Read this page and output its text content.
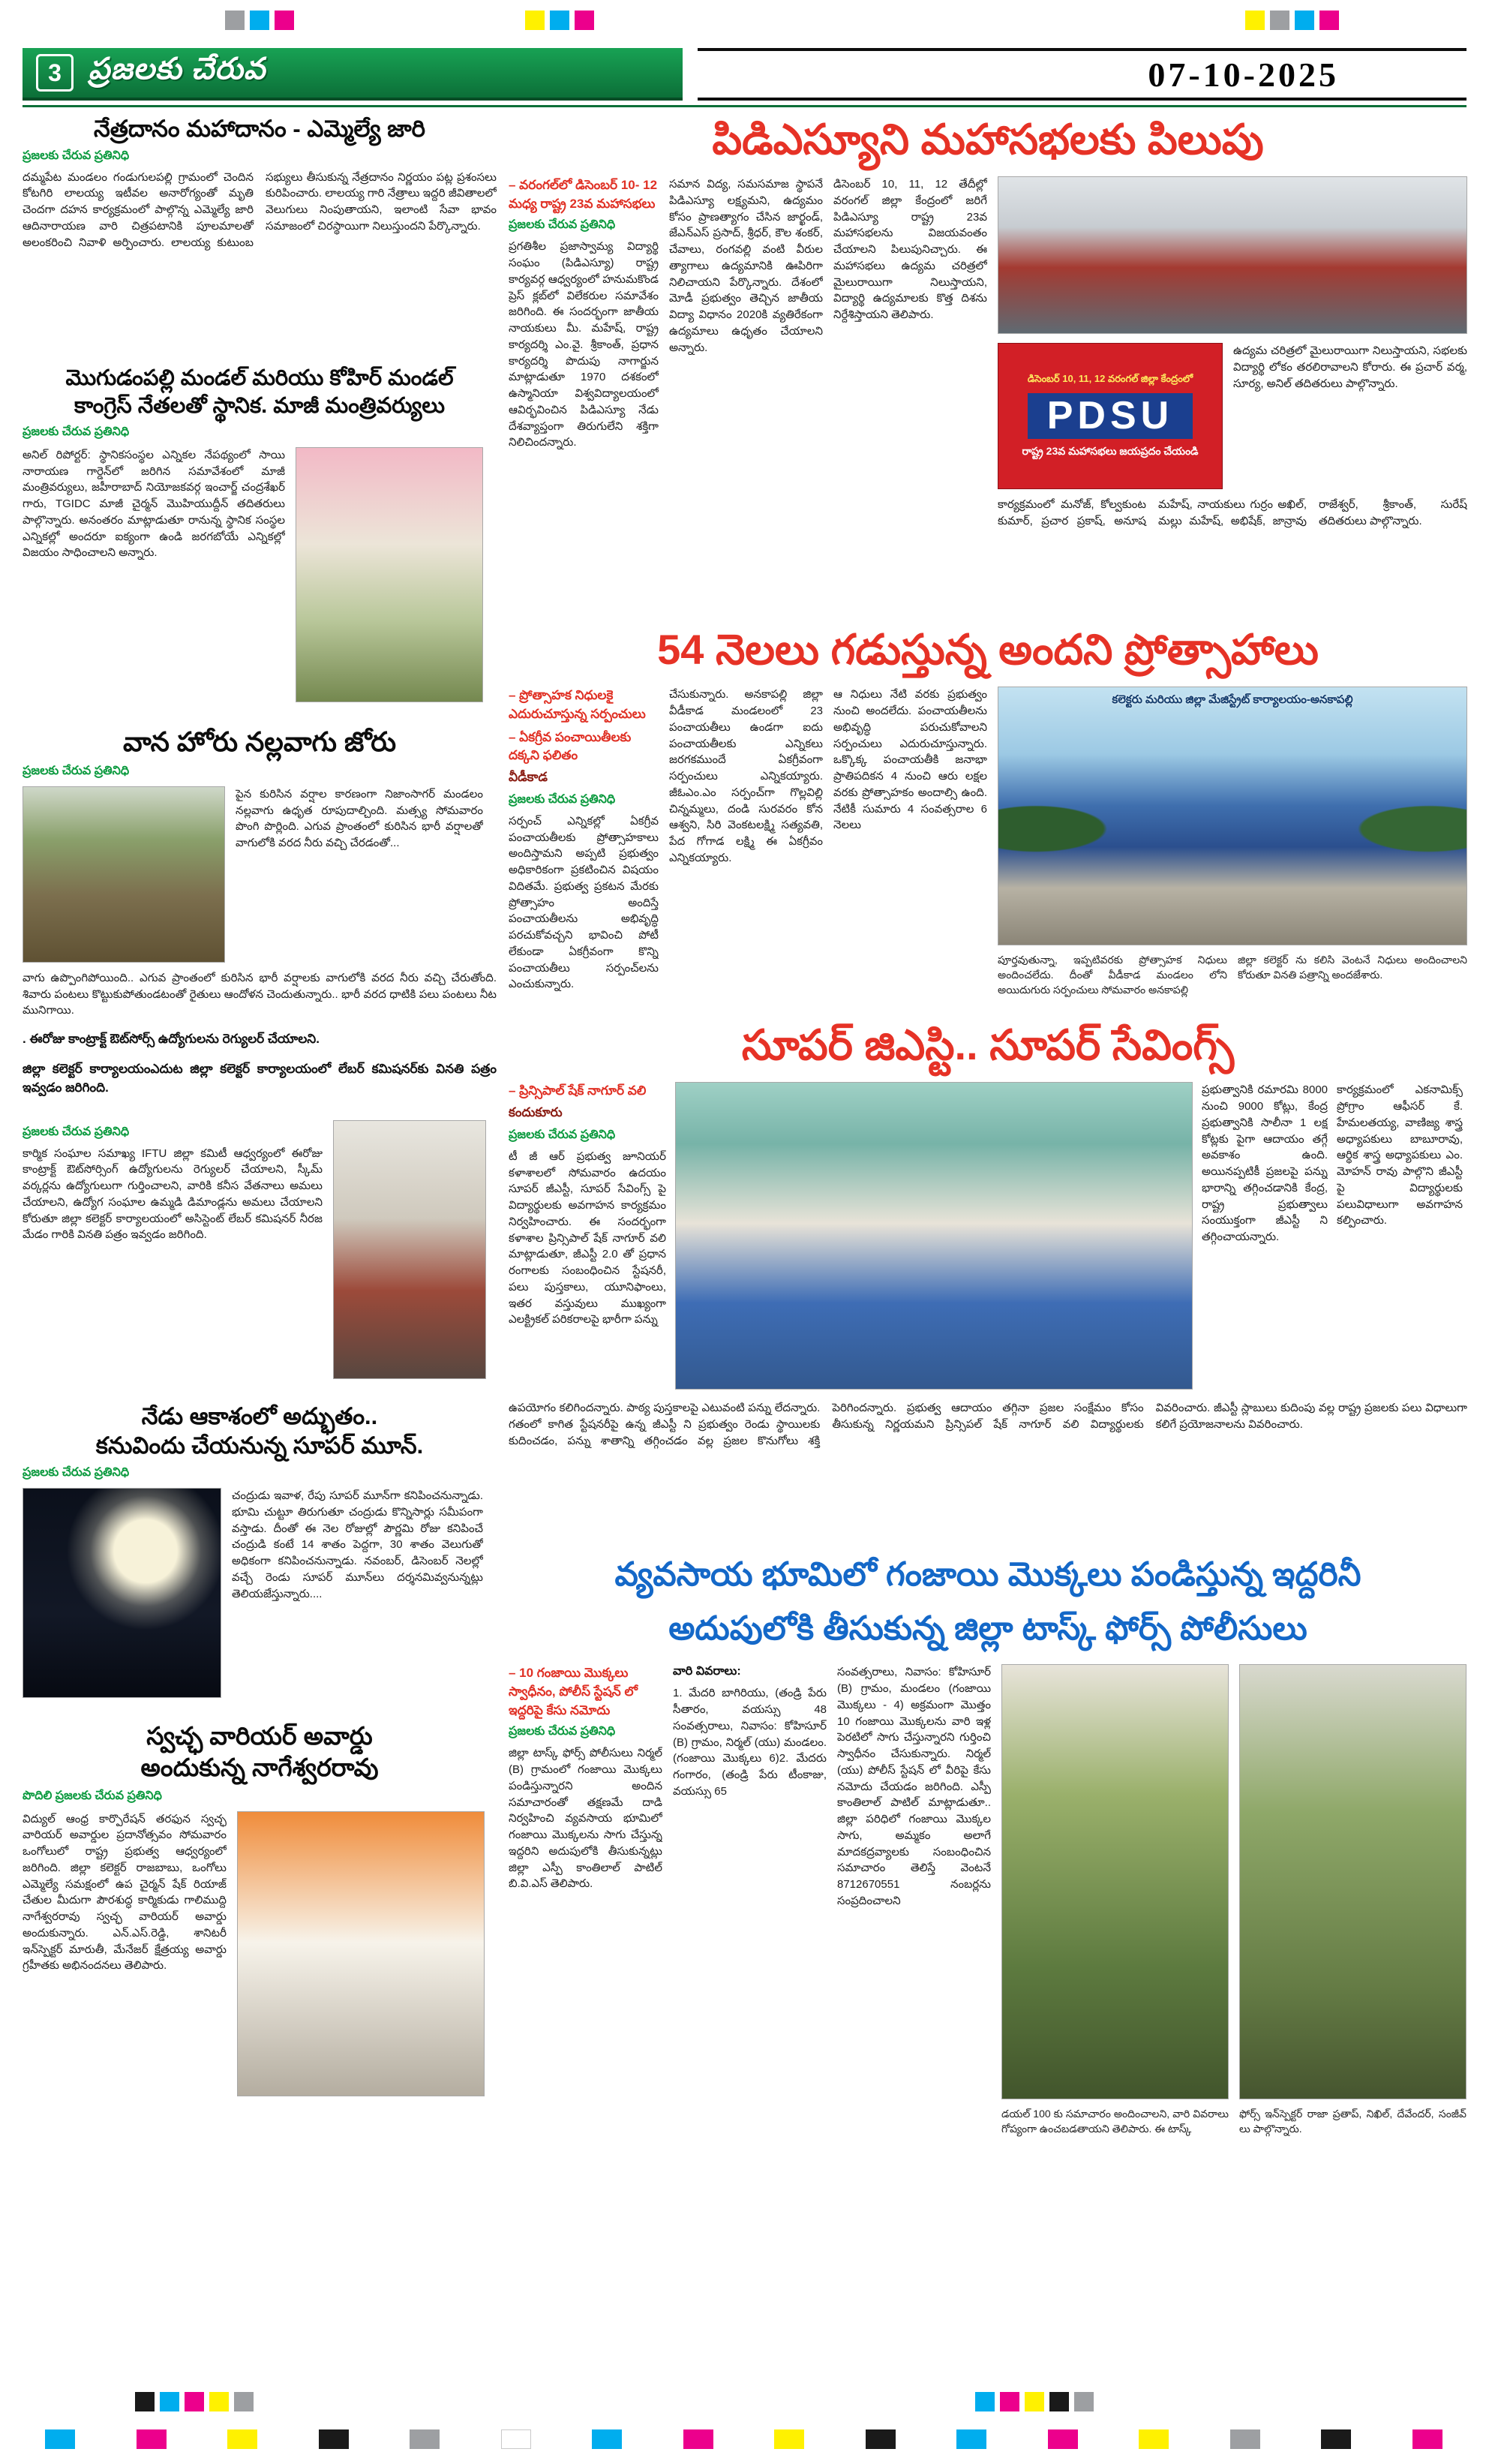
3 ప్రజలకు చేరువ	07-10-2025
నేత్రదానం మహాదానం - ఎమ్మెల్యే జారి
ప్రజలకు చేరువ ప్రతినిధి
దమ్మపేట మండలం గండుగులపల్లి గ్రామంలో చెందిన కోటగిరి లాలయ్య ఇటీవల అనారోగ్యంతో మృతి చెందగా దహన కార్యక్రమంలో పాల్గొన్న ఎమ్మెల్యే జారి ఆదినారాయణ వారి చిత్రపటానికి పూలమాలతో అలంకరించి నివాళి అర్పించారు. లాలయ్య కుటుంబ సభ్యులు తీసుకున్న నేత్రదానం నిర్ణయం పట్ల ప్రశంసలు కురిపించారు. లాలయ్య గారి నేత్రాలు ఇద్దరి జీవితాలలో వెలుగులు నింపుతాయని, ఇలాంటి సేవా భావం సమాజంలో చిరస్థాయిగా నిలుస్తుందని పేర్కొన్నారు.
మొగుడంపల్లి మండల్ మరియు కోహిర్ మండల్
కాంగ్రెస్ నేతలతో స్థానిక. మాజీ మంత్రివర్యులు
ప్రజలకు చేరువ ప్రతినిధి
అనిల్ రిపోర్టర్: స్థానికసంస్థల ఎన్నికల నేపథ్యంలో సాయి నారాయణ గార్డెన్‌లో జరిగిన సమావేశంలో మాజీ మంత్రివర్యులు, జహీరాబాద్ నియోజకవర్గ ఇంచార్జ్ చంద్రశేఖర్ గారు, TGIDC మాజీ చైర్మన్ మొహియుద్దీన్ తదితరులు పాల్గొన్నారు. అనంతరం మాట్లాడుతూ రానున్న స్థానిక సంస్థల ఎన్నికల్లో అందరూ ఐక్యంగా ఉండి జరగబోయే ఎన్నికల్లో విజయం సాధించాలని అన్నారు.
వాన హోరు నల్లవాగు జోరు
ప్రజలకు చేరువ ప్రతినిధి
పైన కురిసిన వర్షాల కారణంగా నిజాంసాగర్ మండలం నల్లవాగు ఉధృత రూపుదాల్చింది. మత్స్య సోమవారం పొంగి పొర్లింది. ఎగువ ప్రాంతంలో కురిసిన భారీ వర్షాలతో వాగులోకి వరద నీరు వచ్చి చేరడంతో...
వాగు ఉప్పొంగిపోయింది.. ఎగువ ప్రాంతంలో కురిసిన భారీ వర్షాలకు వాగులోకి వరద నీరు వచ్చి చేరుతోంది. శివారు పంటలు కొట్టుకుపోతుండటంతో రైతులు ఆందోళన చెందుతున్నారు.. భారీ వరద ధాటికి పలు పంటలు నీట మునిగాయి.

. ఈరోజు కాంట్రాక్ట్ ఔట్‌సోర్స్ ఉద్యోగులను రెగ్యులర్ చేయాలని.

జిల్లా కలెక్టర్ కార్యాలయంఎదుట జిల్లా కలెక్టర్ కార్యాలయంలో లేబర్ కమిషనర్‌కు వినతి పత్రం ఇవ్వడం జరిగింది.

ప్రజలకు చేరువ ప్రతినిధి
కార్మిక సంఘాల సమాఖ్య IFTU జిల్లా కమిటీ ఆధ్వర్యంలో ఈరోజు కాంట్రాక్ట్ ఔట్‌సోర్సింగ్ ఉద్యోగులను రెగ్యులర్ చేయాలని, స్కీమ్ వర్కర్లను ఉద్యోగులుగా గుర్తించాలని, వారికి కనీస వేతనాలు అమలు చేయాలని, ఉద్యోగ సంఘాల ఉమ్మడి డిమాండ్లను అమలు చేయాలని కోరుతూ జిల్లా కలెక్టర్ కార్యాలయంలో అసిస్టెంట్ లేబర్ కమిషనర్ నీరజ మేడం గారికి వినతి పత్రం ఇవ్వడం జరిగింది.
నేడు ఆకాశంలో అద్భుతం..
కనువిందు చేయనున్న సూపర్ మూన్.
ప్రజలకు చేరువ ప్రతినిధి
చంద్రుడు ఇవాళ, రేపు సూపర్ మూన్‌గా కనిపించనున్నాడు. భూమి చుట్టూ తిరుగుతూ చంద్రుడు కొన్నిసార్లు సమీపంగా వస్తాడు. దీంతో ఈ నెల రోజుల్లో పౌర్ణమి రోజు కనిపించే చంద్రుడి కంటే 14 శాతం పెద్దగా, 30 శాతం వెలుగుతో అధికంగా కనిపించనున్నాడు. నవంబర్, డిసెంబర్ నెలల్లో వచ్చే రెండు సూపర్ మూన్‌లు దర్శనమివ్వనున్నట్లు తెలియజేస్తున్నారు....
స్వచ్ఛ వారియర్ అవార్డు
అందుకున్న నాగేశ్వరరావు
పొదిలి ప్రజలకు చేరువ ప్రతినిధి
విద్యుల్ ఆంధ్ర కార్పొరేషన్ తరఫున స్వచ్ఛ వారియర్ అవార్డుల ప్రదానోత్సవం సోమవారం ఒంగోలులో రాష్ట్ర ప్రభుత్వ ఆధ్వర్యంలో జరిగింది. జిల్లా కలెక్టర్ రాజబాబు, ఒంగోలు ఎమ్మెల్యే సమక్షంలో ఉప చైర్మన్ షేక్ రియాజ్ చేతుల మీదుగా పౌరశుద్ధ కార్మికుడు గాలిముద్ది నాగేశ్వరరావు స్వచ్ఛ వారియర్ అవార్డు అందుకున్నారు. ఎన్.ఎస్.రెడ్డి, శానిటరీ ఇన్‌స్పెక్టర్ మారుతీ, మేనేజర్ క్షేత్రయ్య అవార్డు గ్రహీతకు అభినందనలు తెలిపారు.
పిడిఎస్యూని మహాసభలకు పిలుపు
– వరంగల్‌లో డిసెంబర్ 10- 12 మధ్య రాష్ట్ర 23వ మహాసభలు
ప్రజలకు చేరువ ప్రతినిధి
ప్రగతిశీల ప్రజాస్వామ్య విద్యార్థి సంఘం (పిడిఎస్యూ) రాష్ట్ర కార్యవర్గ ఆధ్వర్యంలో హనుమకొండ ప్రెస్ క్లబ్‌లో విలేకరుల సమావేశం జరిగింది. ఈ సందర్భంగా జాతీయ నాయకులు మీ. మహేష్, రాష్ట్ర కార్యదర్శి ఎం.వై. శ్రీకాంత్, ప్రధాన కార్యదర్శి పొదుపు నాగార్జున మాట్లాడుతూ 1970 దశకంలో ఉస్మానియా విశ్వవిద్యాలయంలో ఆవిర్భవించిన పిడిఎస్యూ నేడు దేశవ్యాప్తంగా తిరుగులేని శక్తిగా నిలిచిందన్నారు.
సమాన విద్య, సమసమాజ స్థాపనే పిడిఎస్యూ లక్ష్యమని, ఉద్యమం కోసం ప్రాణత్యాగం చేసిన జార్ఖండ్, జేఎన్‌ఎస్ ప్రసాద్, శ్రీధర్, కౌల శంకర్, చేవాలు, రంగవల్లి వంటి వీరుల త్యాగాలు ఉద్యమానికి ఊపిరిగా నిలిచాయని పేర్కొన్నారు. దేశంలో మోడీ ప్రభుత్వం తెచ్చిన జాతీయ విద్యా విధానం 2020కి వ్యతిరేకంగా ఉద్యమాలు ఉధృతం చేయాలని అన్నారు.
డిసెంబర్ 10, 11, 12 తేదీల్లో వరంగల్ జిల్లా కేంద్రంలో జరిగే పిడిఎస్యూ రాష్ట్ర 23వ మహాసభలను విజయవంతం చేయాలని పిలుపునిచ్చారు. ఈ మహాసభలు ఉద్యమ చరిత్రలో మైలురాయిగా నిలుస్తాయని, విద్యార్థి ఉద్యమాలకు కొత్త దిశను నిర్దేశిస్తాయని తెలిపారు.
డిసెంబర్ 10, 11, 12 వరంగల్ జిల్లా కేంద్రంలో
PDSU
రాష్ట్ర 23వ మహాసభలు జయప్రదం చేయండి
ఉద్యమ చరిత్రలో మైలురాయిగా నిలుస్తాయని, సభలకు విద్యార్థి లోకం తరలిరావాలని కోరారు. ఈ ప్రచార్ వర్మ, సూర్య, అనిల్ తదితరులు పాల్గొన్నారు.
కార్యక్రమంలో మనోజ్, కోల్వకుంట కుమార్, ప్రచార ప్రకాష్, అనూష మహేష్, నాయకులు గుర్రం అఖిల్, మల్లు మహేష్, అభిషేక్, జాన్రావు రాజేశ్వర్, శ్రీకాంత్, సురేష్ తదితరులు పాల్గొన్నారు.
54 నెలలు గడుస్తున్న అందని ప్రోత్సాహాలు
– ప్రోత్సాహక నిధులకై ఎదురుచూస్తున్న సర్పంచులు
– ఏకగ్రీవ పంచాయితీలకు దక్కని ఫలితం
వీడీకాడ
ప్రజలకు చేరువ ప్రతినిధి
సర్పంచ్ ఎన్నికల్లో ఏకగ్రీవ పంచాయతీలకు ప్రోత్సాహకాలు అందిస్తామని అప్పటి ప్రభుత్వం అధికారికంగా ప్రకటించిన విషయం విదితమే. ప్రభుత్వ ప్రకటన మేరకు ప్రోత్సాహం అందిస్తే పంచాయతీలను అభివృద్ధి పరచుకోవచ్చని భావించి పోటీ లేకుండా ఏకగ్రీవంగా కొన్ని పంచాయతీలు సర్పంచ్‌లను ఎంచుకున్నారు.
చేసుకున్నారు. అనకాపల్లి జిల్లా వీడీకాడ మండలంలో 23 పంచాయతీలు ఉండగా ఐదు పంచాయతీలకు ఎన్నికలు జరగకముందే ఏకగ్రీవంగా సర్పంచులు ఎన్నికయ్యారు. జీఓఎం.ఎం సర్పంచ్‌గా గొల్లవిల్లి చిన్నమ్మలు, దండి సురవరం కోన ఆశ్వని, సిరి వెంకటలక్ష్మి సత్యవతి, పేద గోగాడ లక్ష్మి ఈ ఏకగ్రీవం ఎన్నికయ్యారు.
ఆ నిధులు నేటి వరకు ప్రభుత్వం నుంచి అందలేదు. పంచాయతీలను అభివృద్ధి పరుచుకోవాలని సర్పంచులు ఎదురుచూస్తున్నారు. ఒక్కొక్క పంచాయతీకి జనాభా ప్రాతిపదికన 4 నుంచి ఆరు లక్షల వరకు ప్రోత్సాహకం అందాల్సి ఉంది. నేటికీ సుమారు 4 సంవత్సరాల 6 నెలలు
కలెక్టరు మరియు జిల్లా మేజిస్ట్రేట్ కార్యాలయం-అనకాపల్లి
పూర్తవుతున్నా, ఇప్పటివరకు ప్రోత్సాహక నిధులు అందించలేదు. దీంతో వీడీకాడ మండలం లోని అయిదుగురు సర్పంచులు సోమవారం అనకాపల్లి
జిల్లా కలెక్టర్ ను కలిసి వెంటనే నిధులు అందించాలని కోరుతూ వినతి పత్రాన్ని అందజేశారు.
సూపర్ జిఎస్టి.. సూపర్ సేవింగ్స్
– ప్రిన్సిపాల్ షేక్ నాగూర్ వలి
కందుకూరు
ప్రజలకు చేరువ ప్రతినిధి
టీ జీ ఆర్ ప్రభుత్వ జూనియర్ కళాశాలలో సోమవారం ఉదయం సూపర్ జీఎస్టీ, సూపర్ సేవింగ్స్ పై విద్యార్థులకు అవగాహన కార్యక్రమం నిర్వహించారు. ఈ సందర్భంగా కళాశాల ప్రిన్సిపాల్ షేక్ నాగూర్ వలి మాట్లాడుతూ, జీఎస్టీ 2.0 తో ప్రధాన రంగాలకు సంబంధించిన స్టేషనరీ, పలు పుస్తకాలు, యూనిఫాంలు, ఇతర వస్తువులు ముఖ్యంగా ఎలక్ట్రికల్ పరికరాలపై భారీగా పన్ను
ప్రభుత్వానికి రమారమి 8000 నుంచి 9000 కోట్లు, కేంద్ర ప్రభుత్వానికి సాలీనా 1 లక్ష కోట్లకు పైగా ఆదాయం తగ్గే అవకాశం ఉంది. అయినప్పటికీ ప్రజలపై పన్ను భారాన్ని తగ్గించడానికి కేంద్ర, రాష్ట్ర ప్రభుత్వాలు సంయుక్తంగా జీఎస్టీ ని తగ్గించాయన్నారు.
కార్యక్రమంలో ఎకనామిక్స్ ప్రోగ్రాం ఆఫీసర్ కే. హేమలతయ్య, వాణిజ్య శాస్త్ర అధ్యాపకులు బాబూరావు, ఆర్థిక శాస్త్ర అధ్యాపకులు ఎం. మోహన్ రావు పాల్గొని జీఎస్టీ పై విద్యార్థులకు పలువిధాలుగా అవగాహన కల్పించారు.
ఉపయోగం కలిగిందన్నారు. పాఠ్య పుస్తకాలపై ఎటువంటి పన్ను లేదన్నారు. గతంలో కాగిత స్టేషనరీపై ఉన్న జీఎస్టీ ని ప్రభుత్వం రెండు స్థాయిలకు కుదించడం, పన్ను శాతాన్ని తగ్గించడం వల్ల ప్రజల కొనుగోలు శక్తి పెరిగిందన్నారు. ప్రభుత్వ ఆదాయం తగ్గినా ప్రజల సంక్షేమం కోసం తీసుకున్న నిర్ణయమని ప్రిన్సిపల్ షేక్ నాగూర్ వలి విద్యార్థులకు వివరించారు. జీఎస్టీ స్లాబులు కుదింపు వల్ల రాష్ట్ర ప్రజలకు పలు విధాలుగా కలిగే ప్రయోజనాలను వివరించారు.
వ్యవసాయ భూమిలో గంజాయి మొక్కలు పండిస్తున్న ఇద్దరినీ
అదుపులోకి తీసుకున్న జిల్లా టాస్క్ ఫోర్స్ పోలీసులు
– 10 గంజాయి మొక్కలు స్వాధీనం, పోలీస్ స్టేషన్ లో ఇద్దరిపై కేసు నమోదు
ప్రజలకు చేరువ ప్రతినిధి
జిల్లా టాస్క్ ఫోర్స్ పోలీసులు నిర్మల్ (B) గ్రామంలో గంజాయి మొక్కలు పండిస్తున్నారని అందిన సమాచారంతో తక్షణమే దాడి నిర్వహించి వ్యవసాయ భూమిలో గంజాయి మొక్కలను సాగు చేస్తున్న ఇద్దరిని అదుపులోకి తీసుకున్నట్లు జిల్లా ఎస్పీ కాంతిలాల్ పాటిల్ బి.వి.ఎస్ తెలిపారు.
వారి వివరాలు:
1. మేదరి బాగిరియు, (తండ్రి పేరు సీతారం, వయస్సు 48 సంవత్సరాలు, నివాసం: కోహిసూర్ (B) గ్రామం, నిర్మల్ (యు) మండలం. (గంజాయి మొక్కలు 6)2. మేదరు గంగారం, (తండ్రి పేరు టీంకాజు, వయస్సు 65
సంవత్సరాలు, నివాసం: కోహిసూర్ (B) గ్రామం, మండలం (గంజాయి మొక్కలు - 4) అక్రమంగా మొత్తం 10 గంజాయి మొక్కలను వారి ఇళ్ల పెరటిలో సాగు చేస్తున్నారని గుర్తించి స్వాధీనం చేసుకున్నారు. నిర్మల్ (యు) పోలీస్ స్టేషన్ లో వీరిపై కేసు నమోదు చేయడం జరిగింది. ఎస్పీ కాంతిలాల్ పాటిల్ మాట్లాడుతూ.. జిల్లా పరిధిలో గంజాయి మొక్కల సాగు, అమ్మకం అలాగే మాదకద్రవ్యాలకు సంబంధించిన సమాచారం తెలిస్తే వెంటనే 8712670551 నంబర్లను సంప్రదించాలని
డయల్ 100 కు సమాచారం అందించాలని, వారి వివరాలు గోప్యంగా ఉంచబడతాయని తెలిపారు. ఈ టాస్క్
ఫోర్స్ ఇన్‌స్పెక్టర్ రాజా ప్రతాప్, నిఖిల్, దేవేందర్, సంజీవ్ లు పాల్గొన్నారు.
